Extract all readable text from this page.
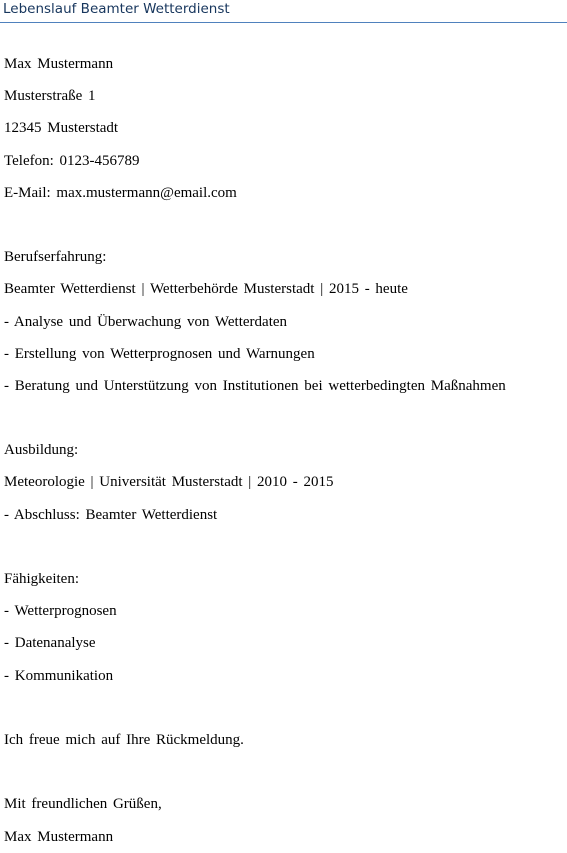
Lebenslauf Beamter Wetterdienst
Max Mustermann
Musterstraße 1
12345 Musterstadt
Telefon: 0123-456789
E-Mail: max.mustermann@email.com
Berufserfahrung:
Beamter Wetterdienst | Wetterbehörde Musterstadt | 2015 - heute
- Analyse und Überwachung von Wetterdaten
- Erstellung von Wetterprognosen und Warnungen
- Beratung und Unterstützung von Institutionen bei wetterbedingten Maßnahmen
Ausbildung:
Meteorologie | Universität Musterstadt | 2010 - 2015
- Abschluss: Beamter Wetterdienst
Fähigkeiten:
- Wetterprognosen
- Datenanalyse
- Kommunikation
Ich freue mich auf Ihre Rückmeldung.
Mit freundlichen Grüßen,
Max Mustermann
